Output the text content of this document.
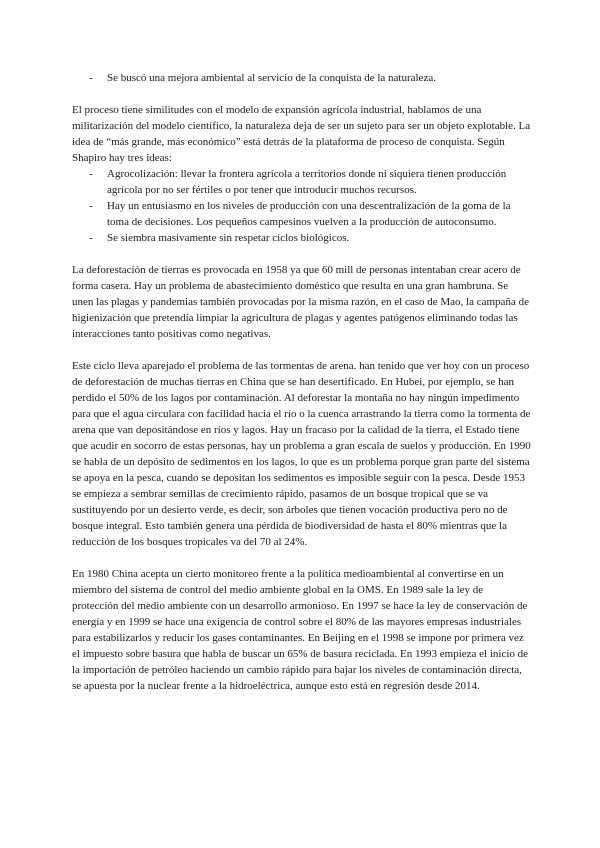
- Se buscó una mejora ambiental al servicio de la conquista de la naturaleza.

El proceso tiene similitudes con el modelo de expansión agrícola industrial, hablamos de una militarización del modelo científico, la naturaleza deja de ser un sujeto para ser un objeto explotable. La idea de “más grande, más económico” está detrás de la plataforma de proceso de conquista. Según Shapiro hay tres ideas:

- Agrocolización: llevar la frontera agrícola a territorios donde ni siquiera tienen producción agrícola por no ser fértiles o por tener que introducir muchos recursos.
- Hay un entusiasmo en los niveles de producción con una descentralización de la goma de la toma de decisiones. Los pequeños campesinos vuelven a la producción de autoconsumo.
- Se siembra masivamente sin respetar ciclos biológicos.

La deforestación de tierras es provocada en 1958 ya que 60 mill de personas intentaban crear acero de forma casera. Hay un problema de abastecimiento doméstico que resulta en una gran hambruna. Se unen las plagas y pandemias también provocadas por la misma razón, en el caso de Mao, la campaña de higienización que pretendía limpiar la agricultura de plagas y agentes patógenos eliminando todas las interacciones tanto positivas como negativas.

Este ciclo lleva aparejado el problema de las tormentas de arena. han tenido que ver hoy con un proceso de deforestación de muchas tierras en China que se han desertificado. En Hubei, por ejemplo, se han perdido el 50% de los lagos por contaminación. Al deforestar la montaña no hay ningún impedimento para que el agua circulara con facilidad hacia el río o la cuenca arrastrando la tierra como la tormenta de arena que van depositándose en ríos y lagos. Hay un fracaso por la calidad de la tierra, el Estado tiene que acudir en socorro de estas personas, hay un problema a gran escala de suelos y producción. En 1990 se habla de un depósito de sedimentos en los lagos, lo que es un problema porque gran parte del sistema se apoya en la pesca, cuando se depositan los sedimentos es imposible seguir con la pesca. Desde 1953 se empieza a sembrar semillas de crecimiento rápido, pasamos de un bosque tropical que se va sustituyendo por un desierto verde, es decir, son árboles que tienen vocación productiva pero no de bosque integral. Esto también genera una pérdida de biodiversidad de hasta el 80% mientras que la reducción de los bosques tropicales va del 70 al 24%.

En 1980 China acepta un cierto monitoreo frente a la política medioambiental al convertirse en un miembro del sistema de control del medio ambiente global en la OMS. En 1989 sale la ley de protección del medio ambiente con un desarrollo armonioso. En 1997 se hace la ley de conservación de energía y en 1999 se hace una exigencia de control sobre el 80% de las mayores empresas industriales para estabilizarlos y reducir los gases contaminantes. En Beijing en el 1998 se impone por primera vez el impuesto sobre basura que habla de buscar un 65% de basura reciclada. En 1993 empieza el inicio de la importación de petróleo haciendo un cambio rápido para bajar los niveles de contaminación directa, se apuesta por la nuclear frente a la hidroeléctrica, aunque esto está en regresión desde 2014.
